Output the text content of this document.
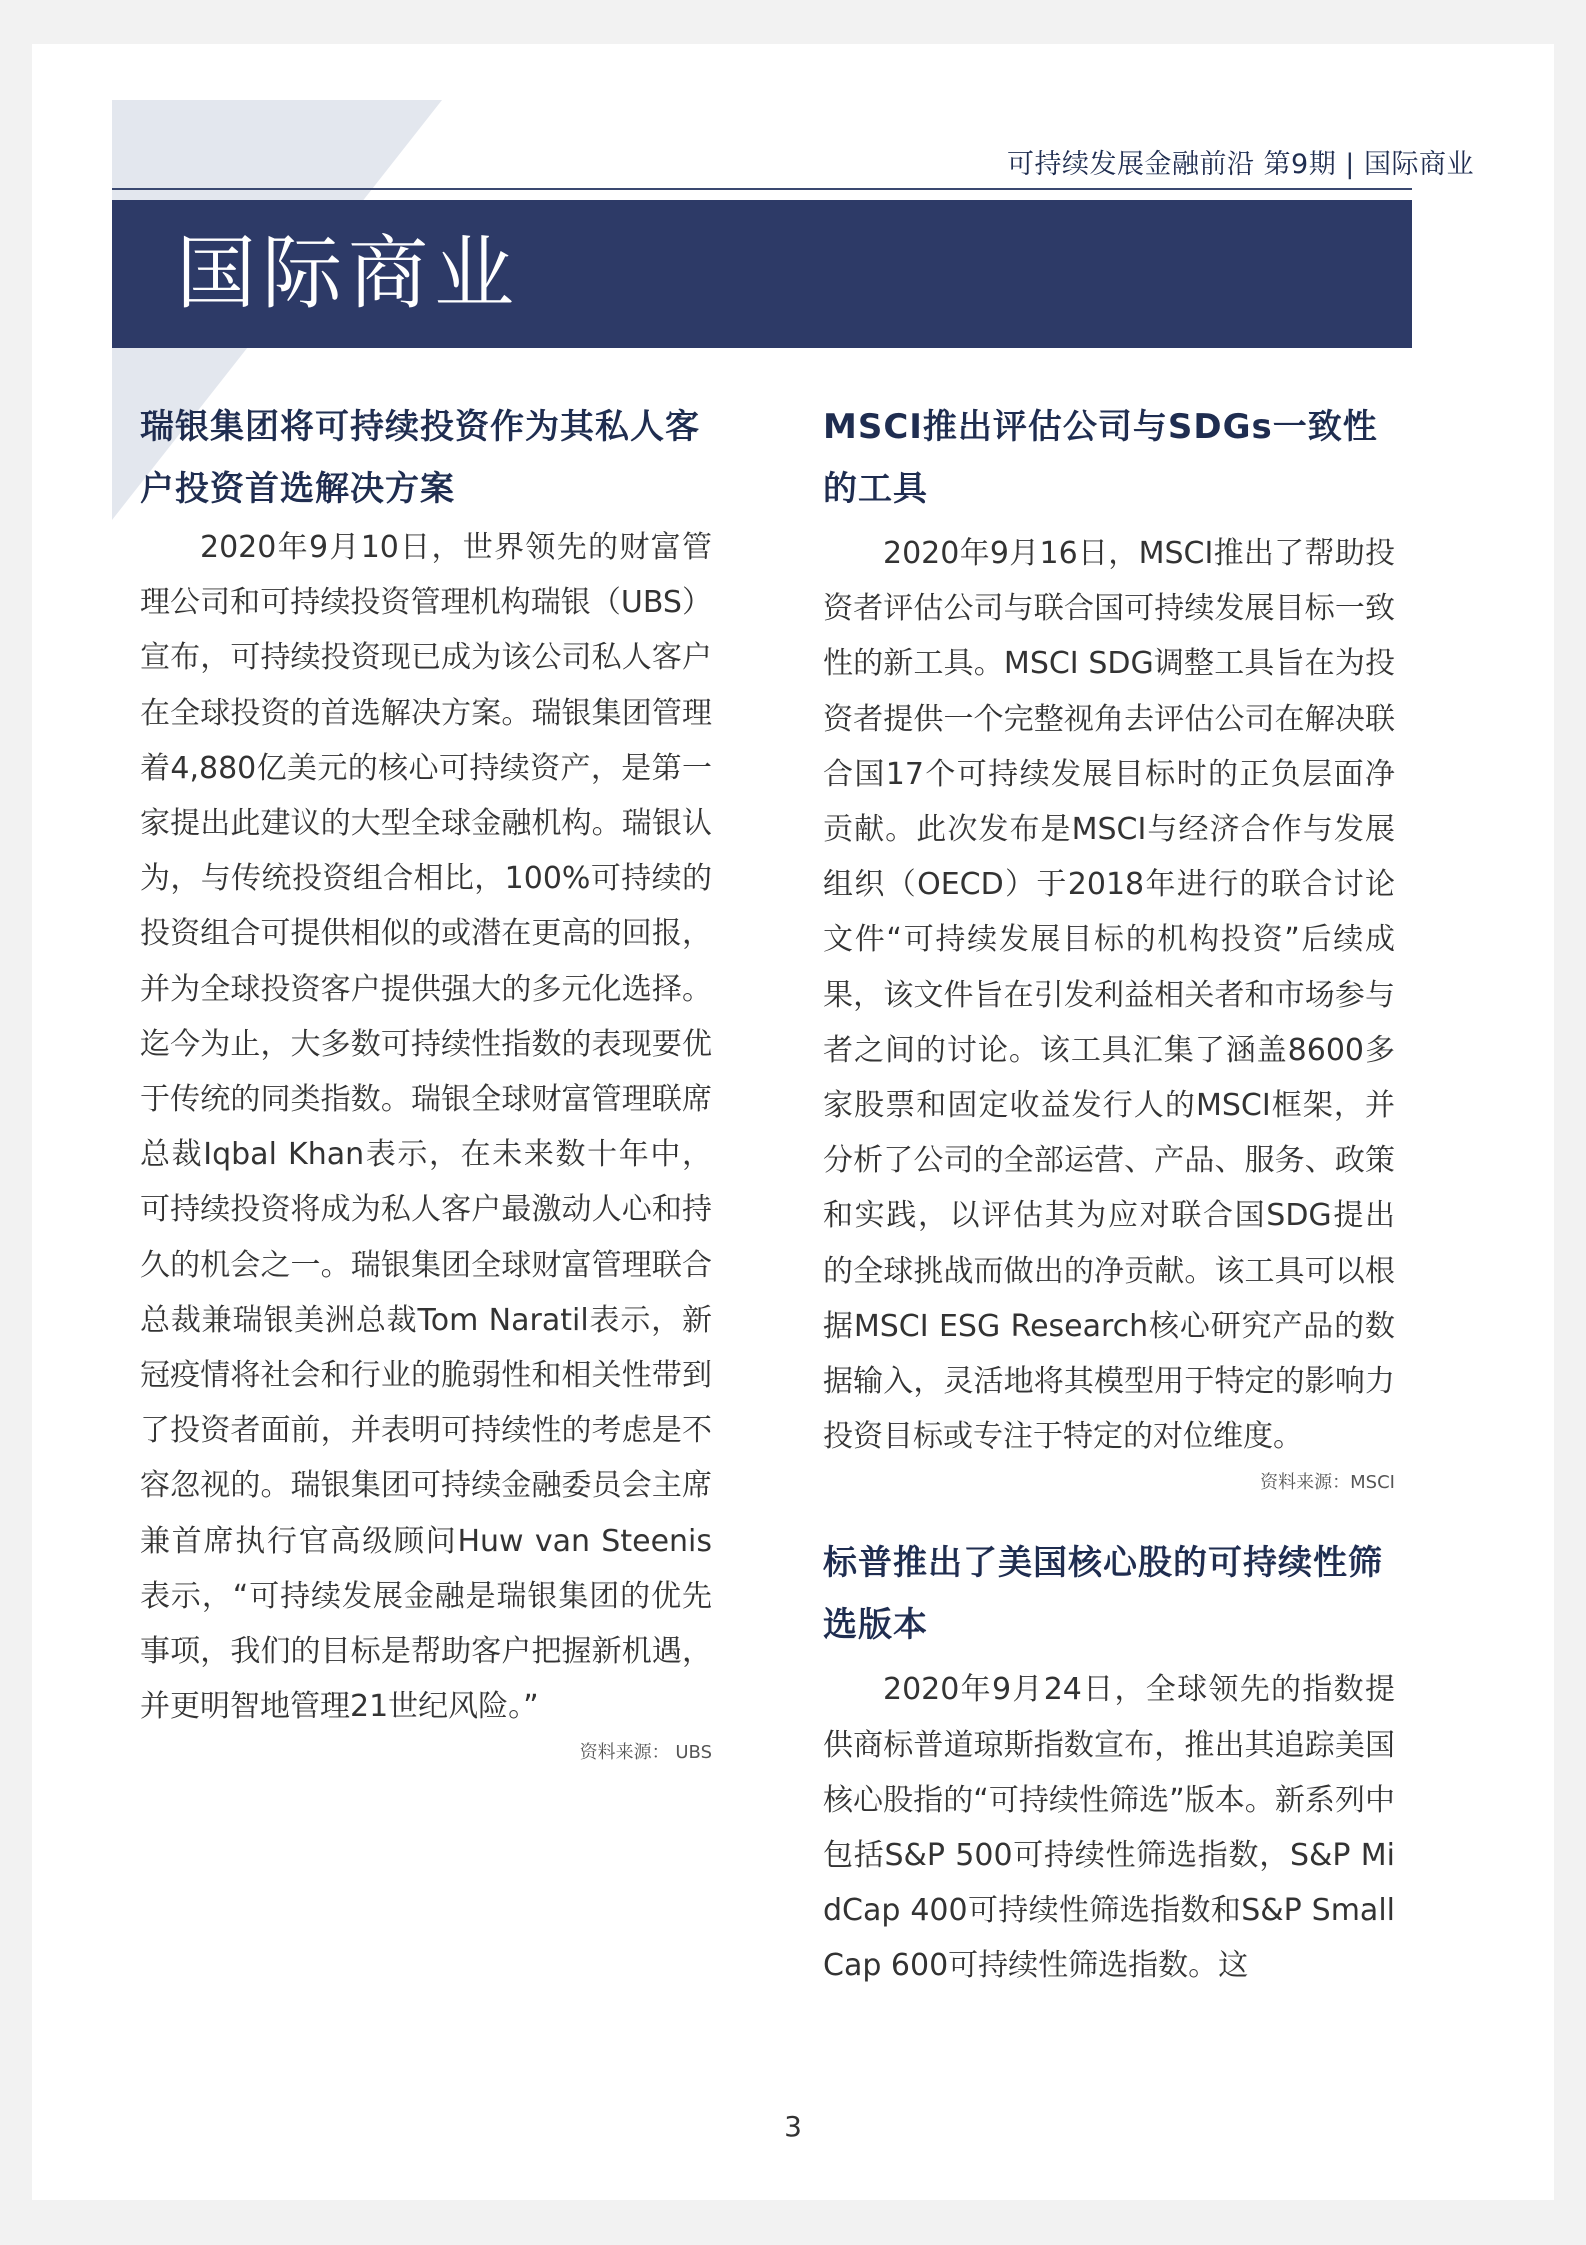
可持续发展金融前沿 第9期 | 国际商业
国际商业
瑞银集团将可持续投资作为其私人客户投资首选解决方案

2020年9月10日，世界领先的财富管理公司和可持续投资管理机构瑞银（UBS）宣布，可持续投资现已成为该公司私人客户在全球投资的首选解决方案。瑞银集团管理着4,880亿美元的核心可持续资产，是第一家提出此建议的大型全球金融机构。瑞银认为，与传统投资组合相比，100%可持续的投资组合可提供相似的或潜在更高的回报，并为全球投资客户提供强大的多元化选择。迄今为止，大多数可持续性指数的表现要优于传统的同类指数。瑞银全球财富管理联席总裁Iqbal Khan表示，在未来数十年中，可持续投资将成为私人客户最激动人心和持久的机会之一。瑞银集团全球财富管理联合总裁兼瑞银美洲总裁Tom Naratil表示，新冠疫情将社会和行业的脆弱性和相关性带到了投资者面前，并表明可持续性的考虑是不容忽视的。瑞银集团可持续金融委员会主席兼首席执行官高级顾问Huw van Steenis表示，“可持续发展金融是瑞银集团的优先事项，我们的目标是帮助客户把握新机遇，并更明智地管理21世纪风险。”

资料来源： UBS

MSCI推出评估公司与SDGs一致性的工具

2020年9月16日，MSCI推出了帮助投资者评估公司与联合国可持续发展目标一致性的新工具。MSCI SDG调整工具旨在为投资者提供一个完整视角去评估公司在解决联合国17个可持续发展目标时的正负层面净贡献。此次发布是MSCI与经济合作与发展组织（OECD）于2018年进行的联合讨论文件“可持续发展目标的机构投资”后续成果，该文件旨在引发利益相关者和市场参与者之间的讨论。该工具汇集了涵盖8600多家股票和固定收益发行人的MSCI框架，并分析了公司的全部运营、产品、服务、政策和实践，以评估其为应对联合国SDG提出的全球挑战而做出的净贡献。该工具可以根据MSCI ESG Research核心研究产品的数据输入，灵活地将其模型用于特定的影响力投资目标或专注于特定的对位维度。

资料来源：MSCI

标普推出了美国核心股的可持续性筛选版本

2020年9月24日，全球领先的指数提供商标普道琼斯指数宣布，推出其追踪美国核心股指的“可持续性筛选”版本。新系列中包括S&P 500可持续性筛选指数，S&P MidCap 400可持续性筛选指数和S&P SmallCap 600可持续性筛选指数。这

3
